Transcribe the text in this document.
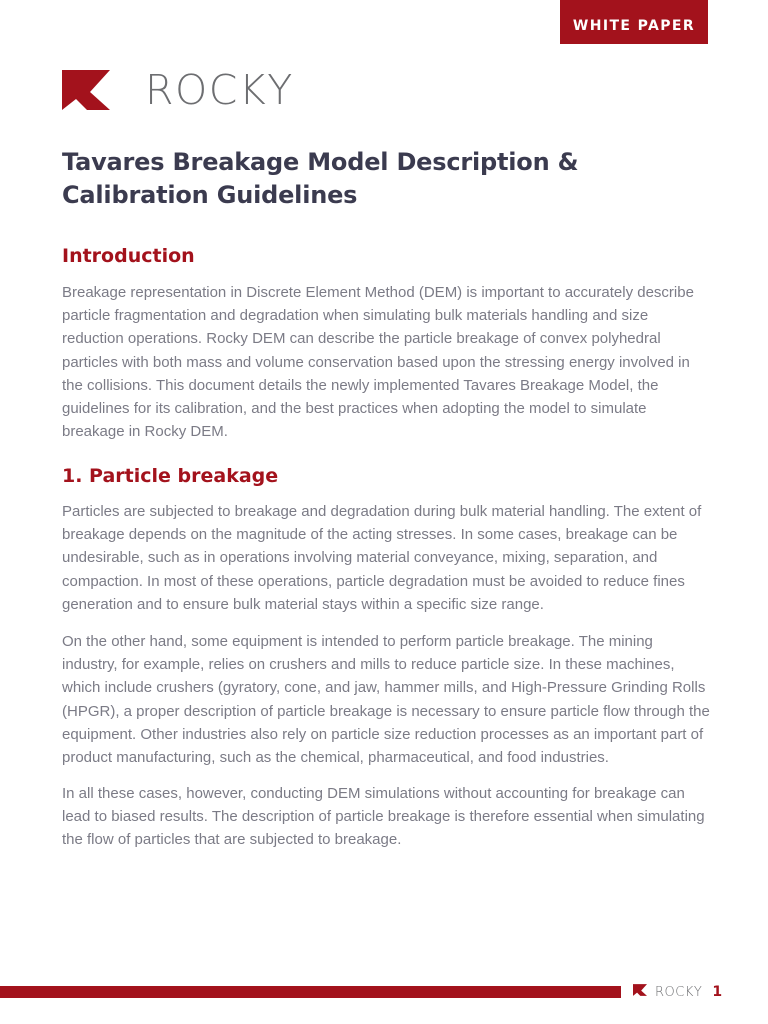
WHITE PAPER
ROCKY
Tavares Breakage Model Description & Calibration Guidelines
Introduction

Breakage representation in Discrete Element Method (DEM) is important to accurately describe particle fragmentation and degradation when simulating bulk materials handling and size reduction operations. Rocky DEM can describe the particle breakage of convex polyhedral particles with both mass and volume conservation based upon the stressing energy involved in the collisions. This document details the newly implemented Tavares Breakage Model, the guidelines for its calibration, and the best practices when adopting the model to simulate breakage in Rocky DEM.

1. Particle breakage

Particles are subjected to breakage and degradation during bulk material handling. The extent of breakage depends on the magnitude of the acting stresses. In some cases, breakage can be undesirable, such as in operations involving material conveyance, mixing, separation, and compaction. In most of these operations, particle degradation must be avoided to reduce fines generation and to ensure bulk material stays within a specific size range.

On the other hand, some equipment is intended to perform particle breakage. The mining industry, for example, relies on crushers and mills to reduce particle size. In these machines, which include crushers (gyratory, cone, and jaw, hammer mills, and High-Pressure Grinding Rolls (HPGR), a proper description of particle breakage is necessary to ensure particle flow through the equipment. Other industries also rely on particle size reduction processes as an important part of product manufacturing, such as the chemical, pharmaceutical, and food industries.

In all these cases, however, conducting DEM simulations without accounting for breakage can lead to biased results. The description of particle breakage is therefore essential when simulating the flow of particles that are subjected to breakage.

ROCKY 1
